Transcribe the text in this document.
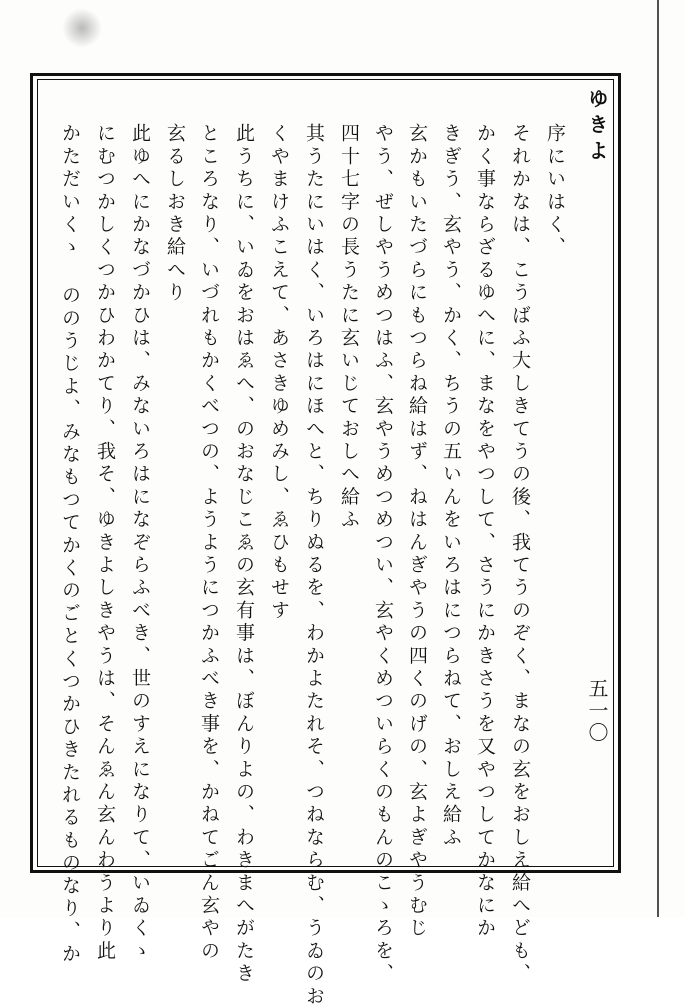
ゆきよ
序にいはく、
それかなは、こうばふ大しきてうの後、我てうのぞく、まなの玄をおしえ給へども、
かく事ならざるゆへに、まなをやつして、さうにかきさうを又やつしてかなにか
きぎう、玄やう、かく、ちうの五いんをいろはにつらねて、おしえ給ふ
玄かもいたづらにもつらね給はず、ねはんぎやうの四くのげの、玄よぎやうむじ
やう、ぜしやうめつはふ、玄やうめつめつい、玄やくめついらくのもんのこゝろを、
四十七字の長うたに玄いじておしへ給ふ
其うたにいはく、いろはにほへと、ちりぬるを、わかよたれそ、つねならむ、うゐのお
くやまけふこえて、あさきゆめみし、ゑひもせす
此うちに、いゐをおはゑへ、のおなじこゑの玄有事は、ぼんりよの、わきまへがたき
ところなり、いづれもかくべつの、ようようにつかふべき事を、かねてごん玄やの
玄るしおき給へり
此ゆへにかなづかひは、みないろはになぞらふべき、世のすえになりて、いゐくゝ
にむつかしくつかひわかてり、我そ、ゆきよしきやうは、そんゑん玄んわうより此
かただいくゝ ののうじよ、みなもつてかくのごとくつかひきたれるものなり、か	五一〇
